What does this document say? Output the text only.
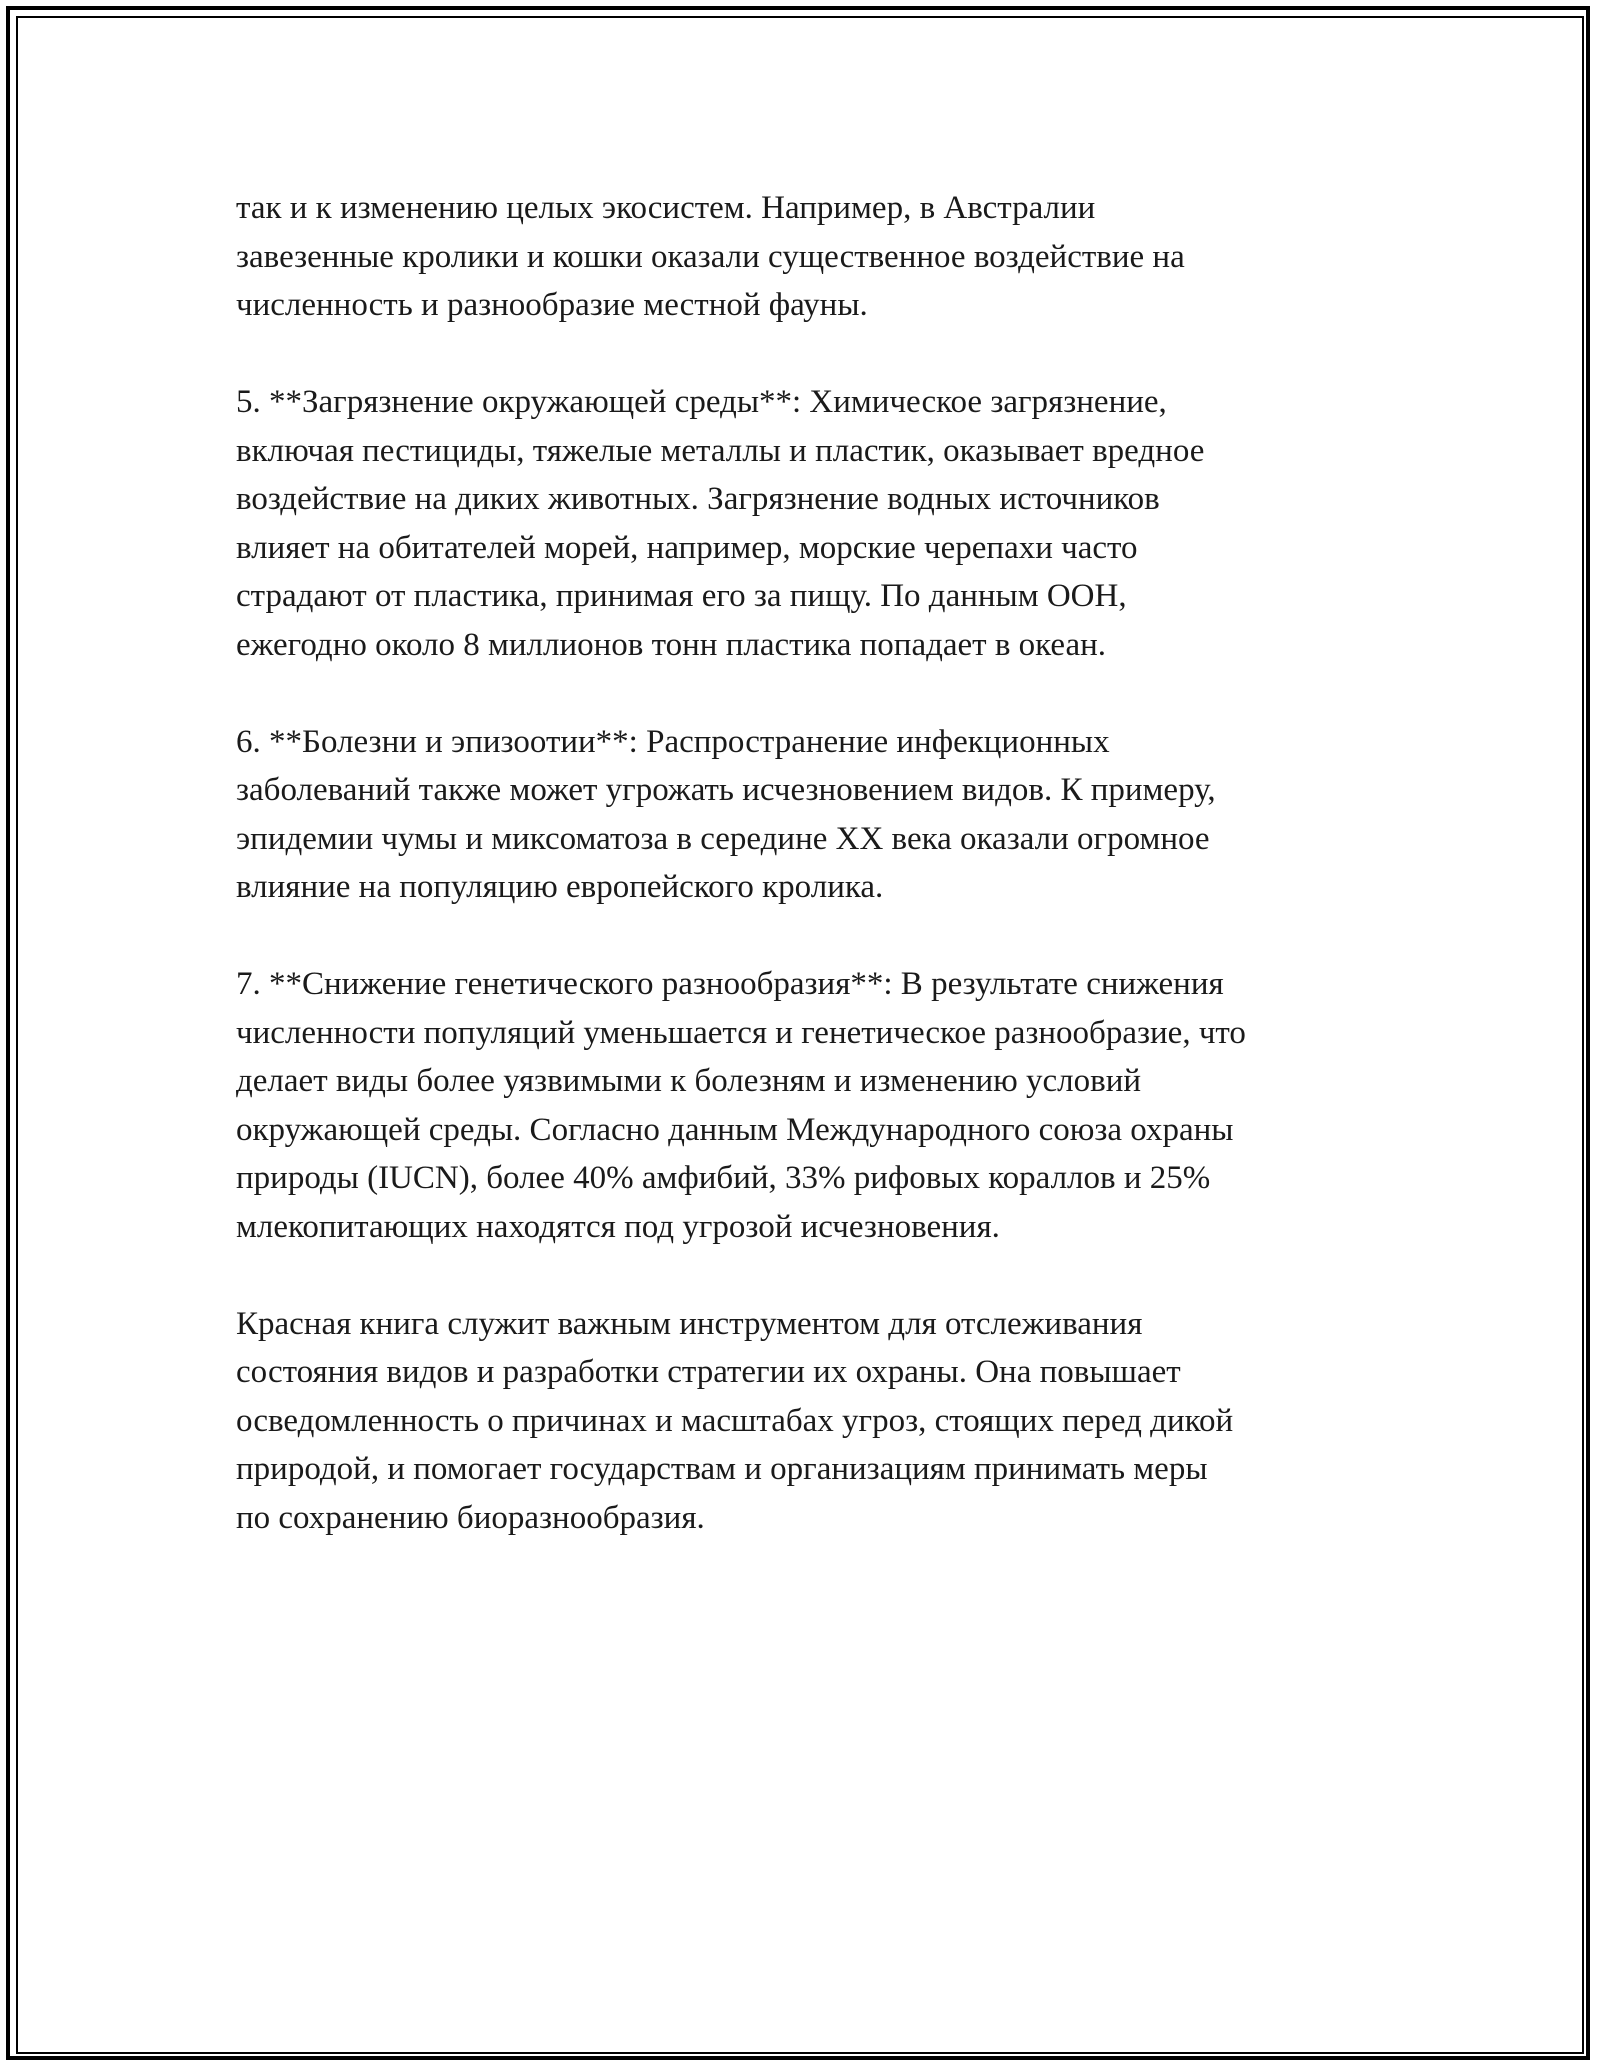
так и к изменению целых экосистем. Например, в Австралии
завезенные кролики и кошки оказали существенное воздействие на
численность и разнообразие местной фауны.

5. **Загрязнение окружающей среды**: Химическое загрязнение,
включая пестициды, тяжелые металлы и пластик, оказывает вредное
воздействие на диких животных. Загрязнение водных источников
влияет на обитателей морей, например, морские черепахи часто
страдают от пластика, принимая его за пищу. По данным ООН,
ежегодно около 8 миллионов тонн пластика попадает в океан.

6. **Болезни и эпизоотии**: Распространение инфекционных
заболеваний также может угрожать исчезновением видов. К примеру,
эпидемии чумы и миксоматоза в середине XX века оказали огромное
влияние на популяцию европейского кролика.

7. **Снижение генетического разнообразия**: В результате снижения
численности популяций уменьшается и генетическое разнообразие, что
делает виды более уязвимыми к болезням и изменению условий
окружающей среды. Согласно данным Международного союза охраны
природы (IUCN), более 40% амфибий, 33% рифовых кораллов и 25%
млекопитающих находятся под угрозой исчезновения.

Красная книга служит важным инструментом для отслеживания
состояния видов и разработки стратегии их охраны. Она повышает
осведомленность о причинах и масштабах угроз, стоящих перед дикой
природой, и помогает государствам и организациям принимать меры
по сохранению биоразнообразия.
